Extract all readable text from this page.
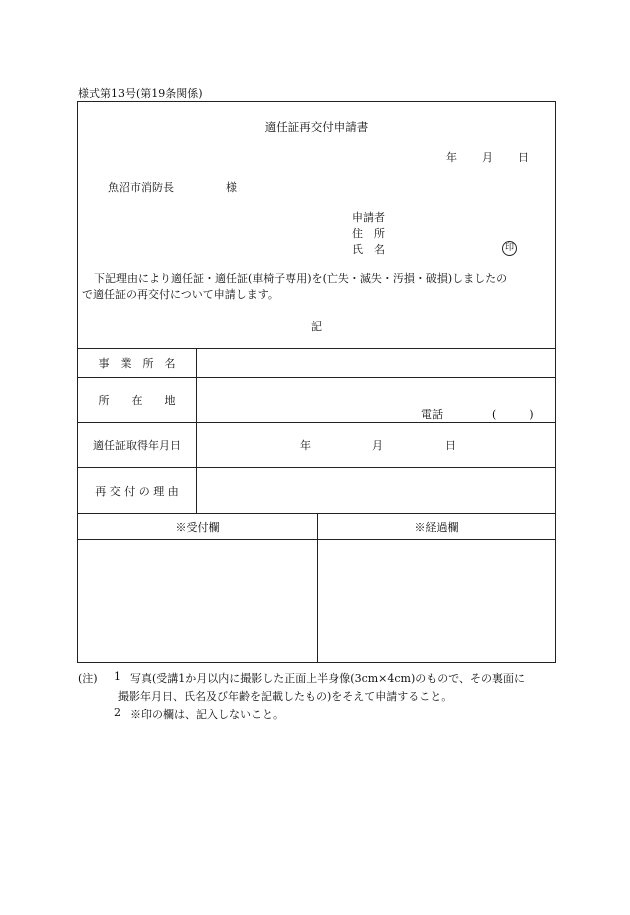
様式第13号(第19条関係)
適任証再交付申請書
年 月 日
魚沼市消防長	様
申請者
住　所
氏　名	印
下記理由により適任証・適任証(車椅子専用)を(亡失・滅失・汚損・破損)しましたの
で適任証の再交付について申請します。
記
事　業　所　名
所　　在　　地
電話	(　　　)
適任証取得年月日	年	月	日
再 交 付 の 理 由
※受付欄	※経過欄
(注) 1 写真(受講1か月以内に撮影した正面上半身像(3cm×4cm)のもので、その裏面に
撮影年月日、氏名及び年齢を記載したもの)をそえて申請すること。
2 ※印の欄は、記入しないこと。
